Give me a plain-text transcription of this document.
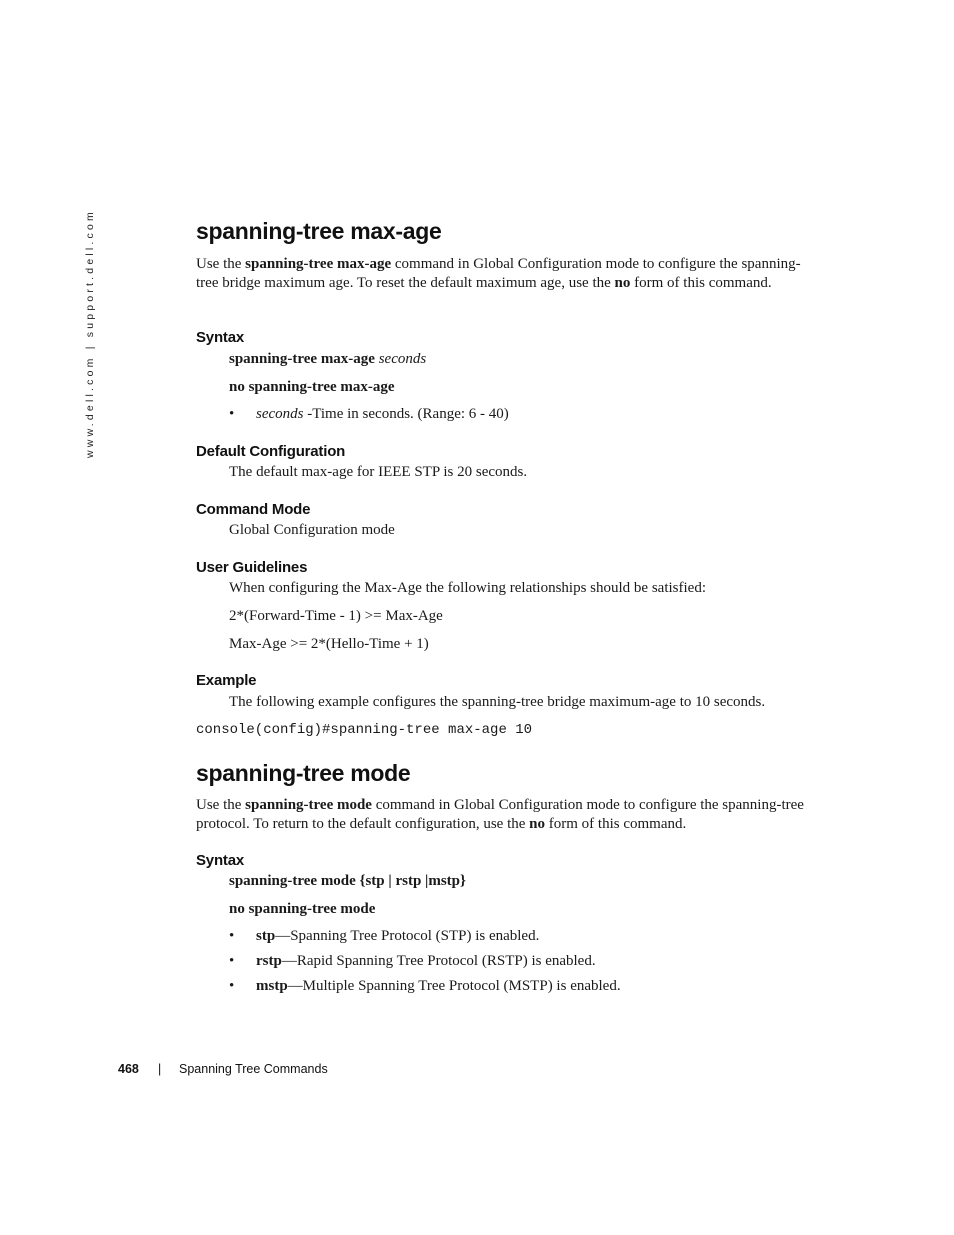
www.dell.com | support.dell.com	spanning-tree max-age

Use the spanning-tree max-age command in Global Configuration mode to configure the spanning-tree bridge maximum age. To reset the default maximum age, use the no form of this command.

Syntax

spanning-tree max-age seconds

no spanning-tree max-age

• seconds -Time in seconds. (Range: 6 - 40)
Default Configuration

The default max-age for IEEE STP is 20 seconds.

Command Mode

Global Configuration mode

User Guidelines

When configuring the Max-Age the following relationships should be satisfied:

2*(Forward-Time - 1) >= Max-Age

Max-Age >= 2*(Hello-Time + 1)

Example

The following example configures the spanning-tree bridge maximum-age to 10 seconds.

console(config)#spanning-tree max-age 10

spanning-tree mode

Use the spanning-tree mode command in Global Configuration mode to configure the spanning-tree protocol. To return to the default configuration, use the no form of this command.

Syntax

spanning-tree mode {stp | rstp |mstp}

no spanning-tree mode

• stp—Spanning Tree Protocol (STP) is enabled.
• rstp—Rapid Spanning Tree Protocol (RSTP) is enabled.
• mstp—Multiple Spanning Tree Protocol (MSTP) is enabled.
468 | Spanning Tree Commands
